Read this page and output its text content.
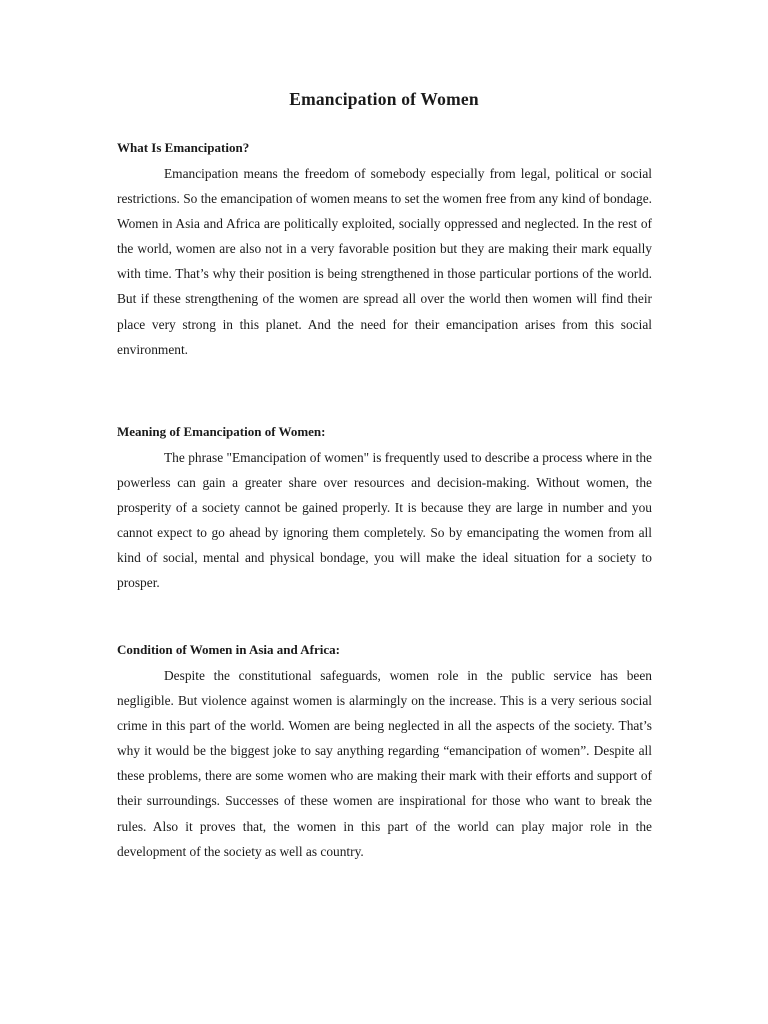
Emancipation of Women
What Is Emancipation?

Emancipation means the freedom of somebody especially from legal, political or social restrictions. So the emancipation of women means to set the women free from any kind of bondage. Women in Asia and Africa are politically exploited, socially oppressed and neglected. In the rest of the world, women are also not in a very favorable position but they are making their mark equally with time. That’s why their position is being strengthened in those particular portions of the world. But if these strengthening of the women are spread all over the world then women will find their place very strong in this planet. And the need for their emancipation arises from this social environment.

Meaning of Emancipation of Women:

The phrase "Emancipation of women" is frequently used to describe a process where in the powerless can gain a greater share over resources and decision-making. Without women, the prosperity of a society cannot be gained properly. It is because they are large in number and you cannot expect to go ahead by ignoring them completely. So by emancipating the women from all kind of social, mental and physical bondage, you will make the ideal situation for a society to prosper.

Condition of Women in Asia and Africa:

Despite the constitutional safeguards, women role in the public service has been negligible. But violence against women is alarmingly on the increase. This is a very serious social crime in this part of the world. Women are being neglected in all the aspects of the society. That’s why it would be the biggest joke to say anything regarding “emancipation of women”. Despite all these problems, there are some women who are making their mark with their efforts and support of their surroundings. Successes of these women are inspirational for those who want to break the rules. Also it proves that, the women in this part of the world can play major role in the development of the society as well as country.
